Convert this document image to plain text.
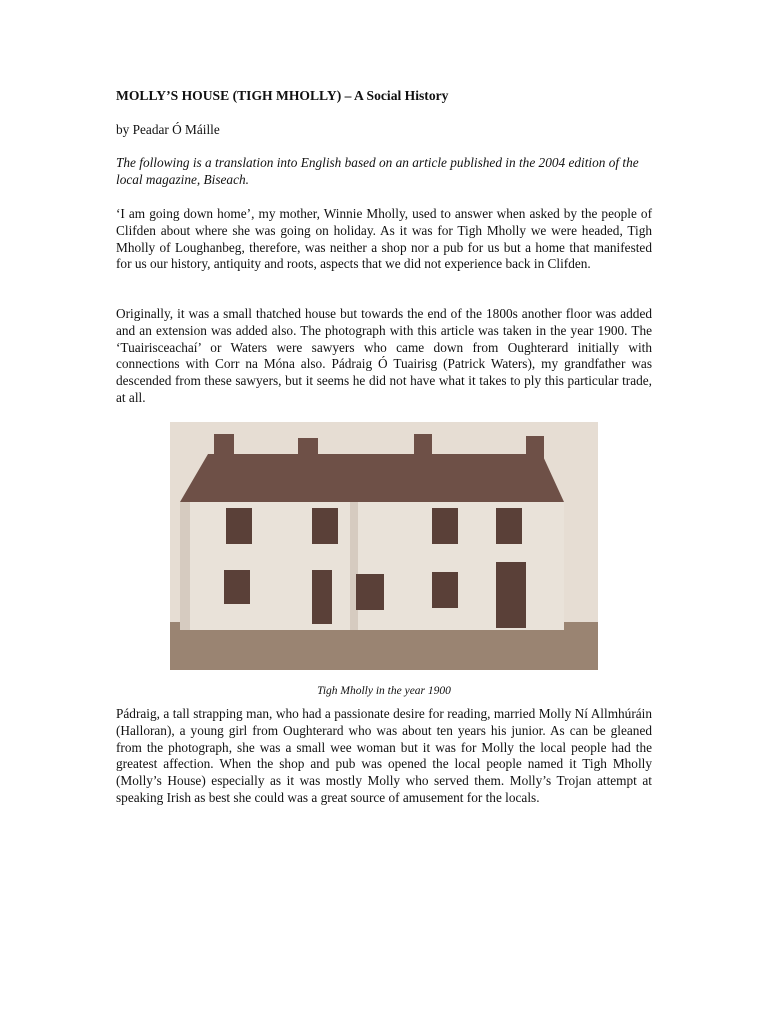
MOLLY’S HOUSE (TIGH MHOLLY) – A Social History

by Peadar Ó Máille

The following is a translation into English based on an article published in the 2004 edition of the local magazine, Biseach.

‘I am going down home’, my mother, Winnie Mholly, used to answer when asked by the people of Clifden about where she was going on holiday. As it was for Tigh Mholly we were headed, Tigh Mholly of Loughanbeg, therefore, was neither a shop nor a pub for us but a home that manifested for us our history, antiquity and roots, aspects that we did not experience back in Clifden.

Originally, it was a small thatched house but towards the end of the 1800s another floor was added and an extension was added also. The photograph with this article was taken in the year 1900. The ‘Tuairisceachaí’ or Waters were sawyers who came down from Oughterard initially with connections with Corr na Móna also. Pádraig Ó Tuairisg (Patrick Waters), my grandfather was descended from these sawyers, but it seems he did not have what it takes to ply this particular trade, at all.

Tigh Mholly in the year 1900

Pádraig, a tall strapping man, who had a passionate desire for reading, married Molly Ní Allmhúráin (Halloran), a young girl from Oughterard who was about ten years his junior. As can be gleaned from the photograph, she was a small wee woman but it was for Molly the local people had the greatest affection. When the shop and pub was opened the local people named it Tigh Mholly (Molly’s House) especially as it was mostly Molly who served them. Molly’s Trojan attempt at speaking Irish as best she could was a great source of amusement for the locals.
